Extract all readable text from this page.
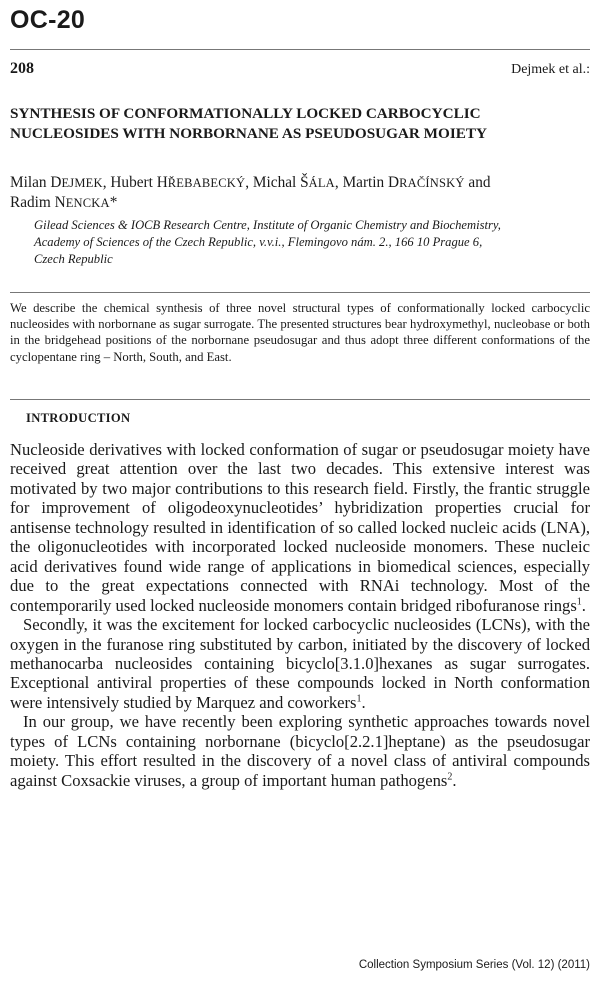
OC-20
208	Dejmek et al.:
SYNTHESIS OF CONFORMATIONALLY LOCKED CARBOCYCLIC
NUCLEOSIDES WITH NORBORNANE AS PSEUDOSUGAR MOIETY
Milan DEJMEK, Hubert HŘEBABECKÝ, Michal ŠÁLA, Martin DRAČÍNSKÝ and
Radim NENCKA*
Gilead Sciences & IOCB Research Centre, Institute of Organic Chemistry and Biochemistry,
Academy of Sciences of the Czech Republic, v.v.i., Flemingovo nám. 2., 166 10 Prague 6,
Czech Republic

We describe the chemical synthesis of three novel structural types of conformationally locked carbocyclic nucleosides with norbornane as sugar surrogate. The presented structures bear hydroxymethyl, nucleobase or both in the bridgehead positions of the norbornane pseudosugar and thus adopt three different conformations of the cyclopentane ring – North, South, and East.

INTRODUCTION

Nucleoside derivatives with locked conformation of sugar or pseudosugar moiety have received great attention over the last two decades. This extensive interest was motivated by two major contributions to this research field. Firstly, the frantic struggle for improvement of oligodeoxynucleotides’ hybridization properties crucial for antisense technology resulted in identification of so called locked nucleic acids (LNA), the oligonucleotides with incorporated locked nucleoside monomers. These nucleic acid derivatives found wide range of applications in biomedical sciences, especially due to the great expectations connected with RNAi technology. Most of the contemporarily used locked nucleoside monomers contain bridged ribofuranose rings$^1$.

Secondly, it was the excitement for locked carbocyclic nucleosides (LCNs), with the oxygen in the furanose ring substituted by carbon, initiated by the discovery of locked methanocarba nucleosides containing bicyclo[3.1.0]hexanes as sugar surrogates. Exceptional antiviral properties of these compounds locked in North conformation were intensively studied by Marquez and coworkers$^1$.

In our group, we have recently been exploring synthetic approaches towards novel types of LCNs containing norbornane (bicyclo[2.2.1]heptane) as the pseudosugar moiety. This effort resulted in the discovery of a novel class of antiviral compounds against Coxsackie viruses, a group of important human pathogens$^2$.

Collection Symposium Series (Vol. 12) (2011)
